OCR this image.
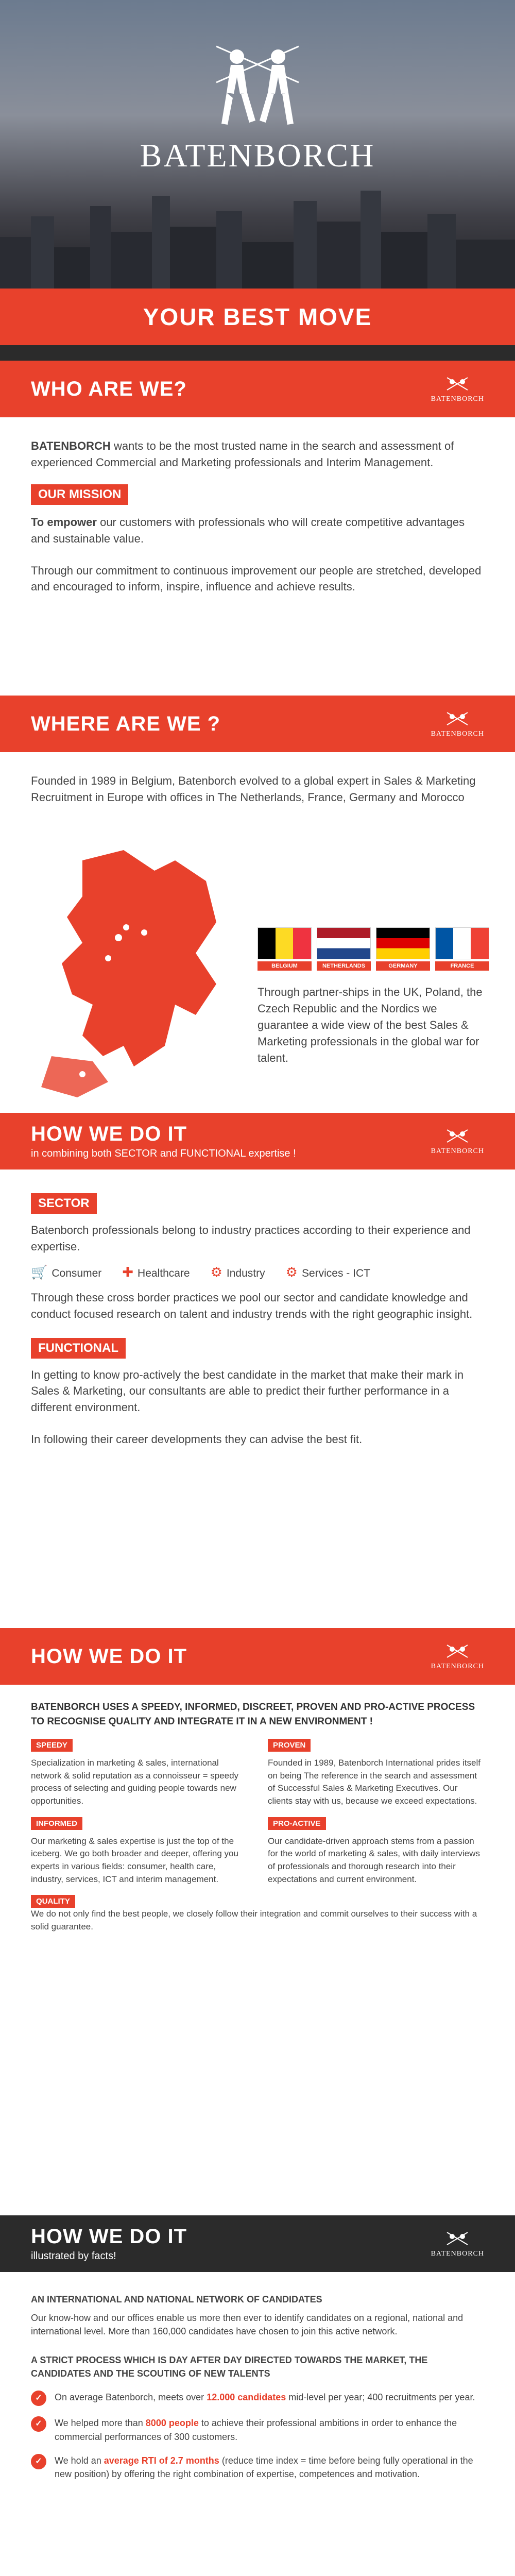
BATENBORCH
YOUR BEST MOVE
WHO ARE WE?	BATENBORCH

BATENBORCH wants to be the most trusted name in the search and assessment of experienced Commercial and Marketing professionals and Interim Management.

OUR MISSION

To empower our customers with professionals who will create competitive advantages and sustainable value.

Through our commitment to continuous improvement our people are stretched, developed and encouraged to inform, inspire, influence and achieve results.

WHERE ARE WE ?	BATENBORCH

Founded in 1989 in Belgium, Batenborch evolved to a global expert in Sales & Marketing Recruitment in Europe with offices in The Netherlands, France, Germany and Morocco

BELGIUM	NETHERLANDS	GERMANY	FRANCE

Through partner-ships in the UK, Poland, the Czech Republic and the Nordics we guarantee a wide view of the best Sales & Marketing professionals in the global war for talent.

HOW WE DO IT
in combining both SECTOR and FUNCTIONAL expertise !	BATENBORCH
SECTOR

Batenborch professionals belong to industry practices according to their experience and expertise.

🛒 Consumer ✚ Healthcare ⚙ Industry ⚙ Services - ICT

Through these cross border practices we pool our sector and candidate knowledge and conduct focused research on talent and industry trends with the right geographic insight.

FUNCTIONAL

In getting to know pro-actively the best candidate in the market that make their mark in Sales & Marketing, our consultants are able to predict their further performance in a different environment.

In following their career developments they can advise the best fit.

HOW WE DO IT	BATENBORCH

BATENBORCH USES A SPEEDY, INFORMED, DISCREET, PROVEN AND PRO-ACTIVE PROCESS TO RECOGNISE QUALITY AND INTEGRATE IT IN A NEW ENVIRONMENT !

SPEEDY

Specialization in marketing & sales, international network & solid reputation as a connoisseur = speedy process of selecting and guiding people towards new opportunities.

INFORMED

Our marketing & sales expertise is just the top of the iceberg. We go both broader and deeper, offering you experts in various fields: consumer, health care, industry, services, ICT and interim management.

QUALITY
PROVEN

Founded in 1989, Batenborch International prides itself on being The reference in the search and assessment of Successful Sales & Marketing Executives. Our clients stay with us, because we exceed expectations.

PRO-ACTIVE

Our candidate-driven approach stems from a passion for the world of marketing & sales, with daily interviews of professionals and thorough research into their expectations and current environment.

We do not only find the best people, we closely follow their integration and commit ourselves to their success with a solid guarantee.

HOW WE DO IT
illustrated by facts!	BATENBORCH

AN INTERNATIONAL AND NATIONAL NETWORK OF CANDIDATES

Our know-how and our offices enable us more then ever to identify candidates on a regional, national and international level. More than 160,000 candidates have chosen to join this active network.

A STRICT PROCESS WHICH IS DAY AFTER DAY DIRECTED TOWARDS THE MARKET, THE CANDIDATES AND THE SCOUTING OF NEW TALENTS

✓	On average Batenborch, meets over 12.000 candidates mid-level per year; 400 recruitments per year.

✓	We helped more than 8000 people to achieve their professional ambitions in order to enhance the commercial performances of 300 customers.

✓	We hold an average RTI of 2.7 months (reduce time index = time before being fully operational in the new position) by offering the right combination of expertise, competences and motivation.
